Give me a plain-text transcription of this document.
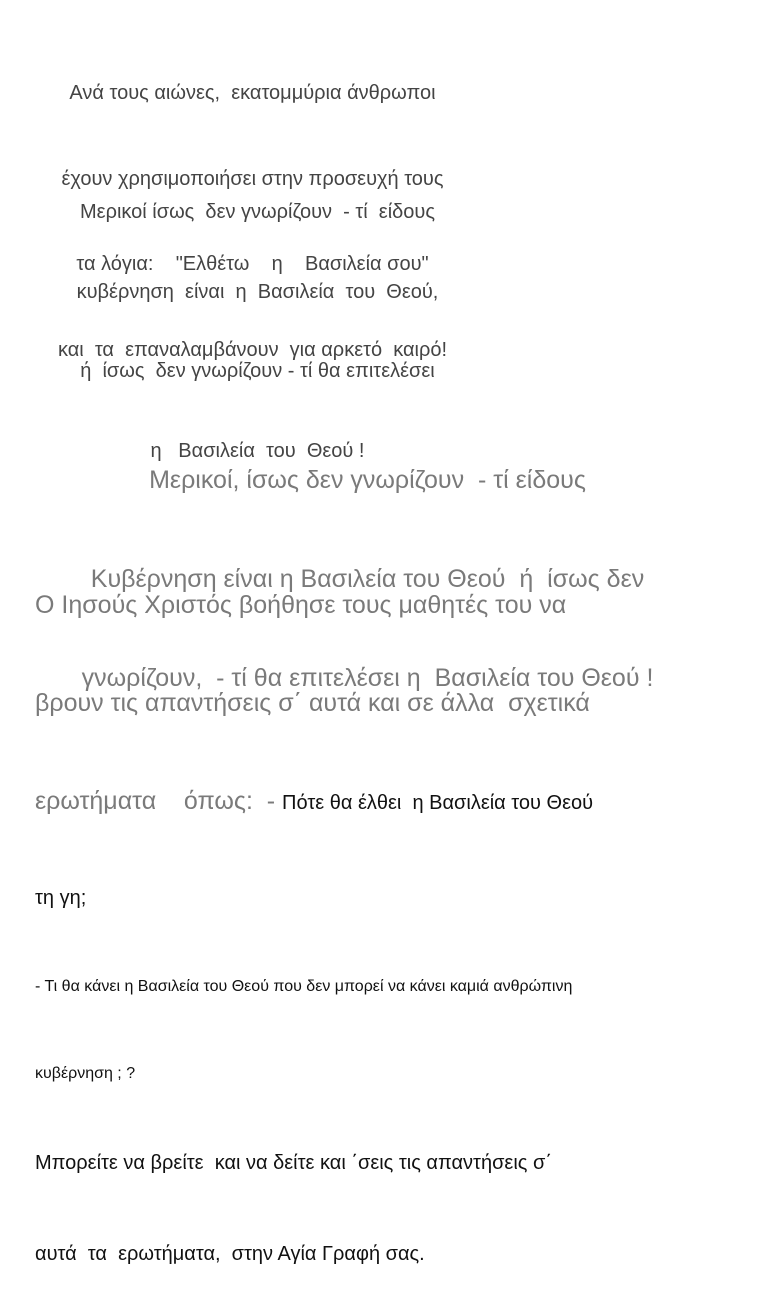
Ανά τους αιώνες,  εκατομμύρια άνθρωποι

έχουν χρησιμοποιήσει στην προσευχή τους

τα λόγια:    "Ελθέτω    η    Βασιλεία σου"

και  τα  επαναλαμβάνουν  για αρκετό  καιρό!

Μερικοί ίσως  δεν γνωρίζουν  - τί  είδους

κυβέρνηση  είναι  η  Βασιλεία  του  Θεού,

ή  ίσως  δεν γνωρίζουν - τί θα επιτελέσει

η   Βασιλεία  του  Θεού !

Μερικοί, ίσως δεν γνωρίζουν  - τί είδους

Κυβέρνηση είναι η Βασιλεία του Θεού  ή  ίσως δεν

γνωρίζουν,  - τί θα επιτελέσει η  Βασιλεία του Θεού !

Ο Ιησούς Χριστός βοήθησε τους μαθητές του να

βρουν τις απαντήσεις σ΄ αυτά και σε άλλα  σχετικά

ερωτήματα    όπως:  - Πότε θα έλθει  η Βασιλεία του Θεού

τη γη;

- Τι θα κάνει η Βασιλεία του Θεού που δεν μπορεί να κάνει καμιά ανθρώπινη

κυβέρνηση ; ?

Μπορείτε να βρείτε  και να δείτε και ΄σεις τις απαντήσεις σ΄

αυτά  τα  ερωτήματα,  στην Αγία Γραφή σας.
